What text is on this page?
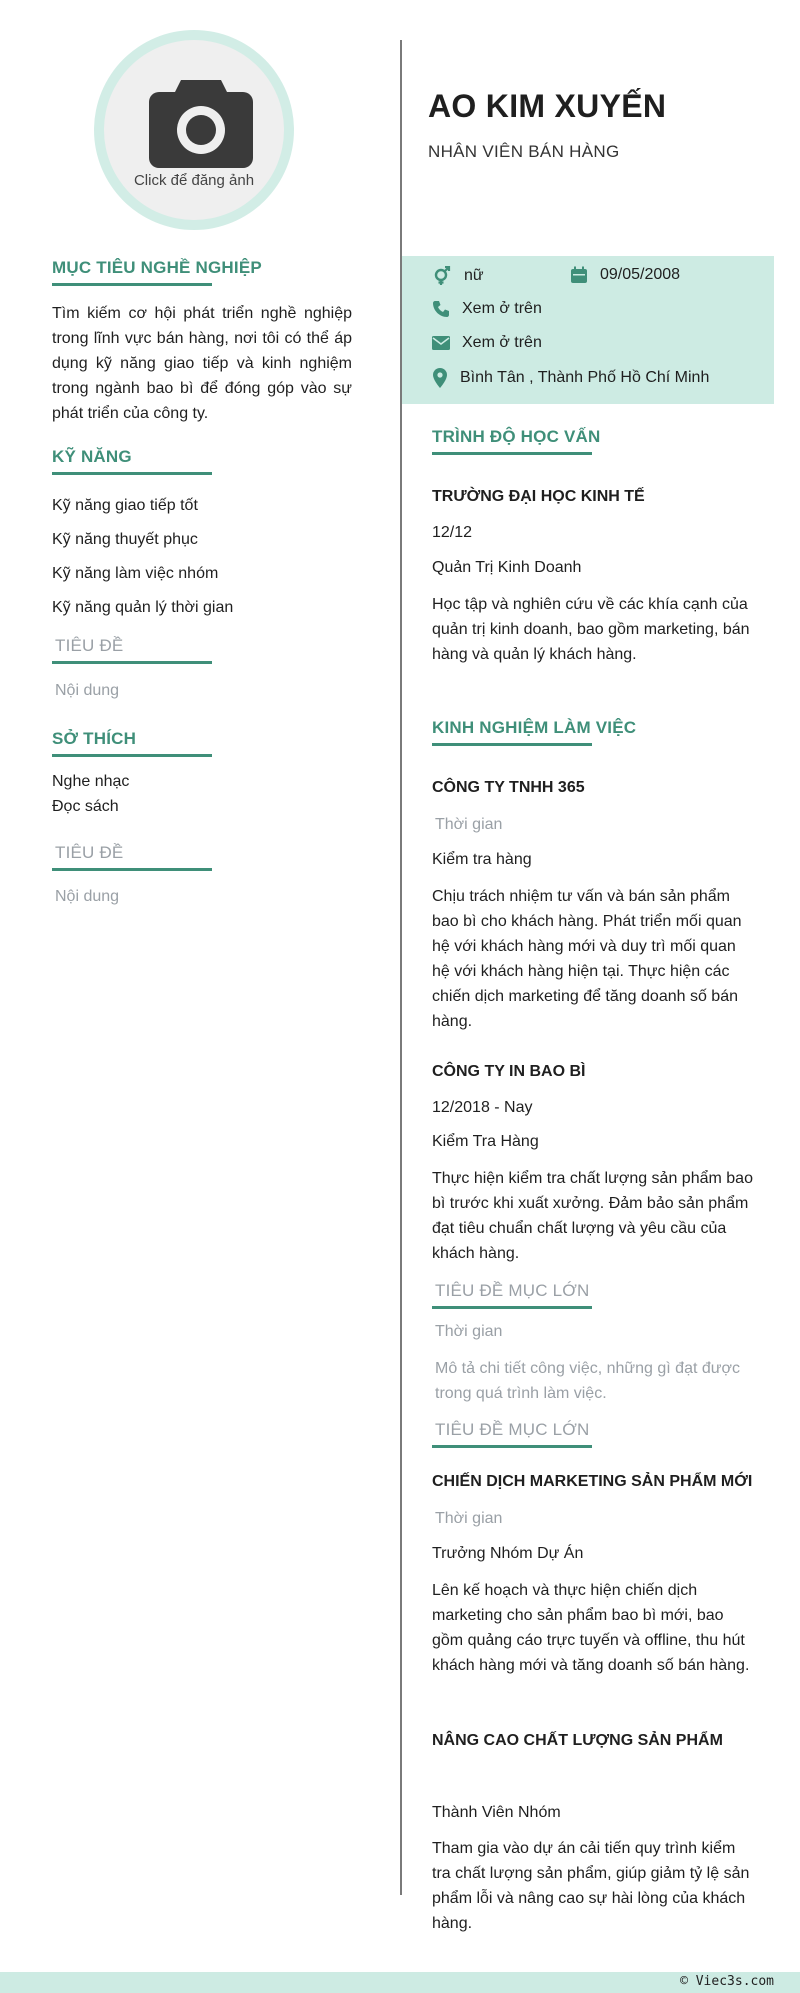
Click để đăng ảnh
MỤC TIÊU NGHỀ NGHIỆP
Tìm kiếm cơ hội phát triển nghề nghiệp trong lĩnh vực bán hàng, nơi tôi có thể áp dụng kỹ năng giao tiếp và kinh nghiệm trong ngành bao bì để đóng góp vào sự phát triển của công ty.
KỸ NĂNG
Kỹ năng giao tiếp tốt
Kỹ năng thuyết phục
Kỹ năng làm việc nhóm
Kỹ năng quản lý thời gian
TIÊU ĐỀ
Nội dung
SỞ THÍCH
Nghe nhạc
Đọc sách
TIÊU ĐỀ
Nội dung
AO KIM XUYẾN
NHÂN VIÊN BÁN HÀNG
nữ	09/05/2008
Xem ở trên
Xem ở trên
Bình Tân , Thành Phố Hồ Chí Minh
TRÌNH ĐỘ HỌC VẤN
TRƯỜNG ĐẠI HỌC KINH TẾ
12/12
Quản Trị Kinh Doanh
Học tập và nghiên cứu về các khía cạnh của quản trị kinh doanh, bao gồm marketing, bán hàng và quản lý khách hàng.
KINH NGHIỆM LÀM VIỆC
CÔNG TY TNHH 365
Thời gian
Kiểm tra hàng
Chịu trách nhiệm tư vấn và bán sản phẩm bao bì cho khách hàng. Phát triển mối quan hệ với khách hàng mới và duy trì mối quan hệ với khách hàng hiện tại. Thực hiện các chiến dịch marketing để tăng doanh số bán hàng.
CÔNG TY IN BAO BÌ
12/2018 - Nay
Kiểm Tra Hàng
Thực hiện kiểm tra chất lượng sản phẩm bao bì trước khi xuất xưởng. Đảm bảo sản phẩm đạt tiêu chuẩn chất lượng và yêu cầu của khách hàng.
TIÊU ĐỀ MỤC LỚN
Thời gian
Mô tả chi tiết công việc, những gì đạt được trong quá trình làm việc.
TIÊU ĐỀ MỤC LỚN
CHIẾN DỊCH MARKETING SẢN PHẨM MỚI
Thời gian
Trưởng Nhóm Dự Án
Lên kế hoạch và thực hiện chiến dịch marketing cho sản phẩm bao bì mới, bao gồm quảng cáo trực tuyến và offline, thu hút khách hàng mới và tăng doanh số bán hàng.
NÂNG CAO CHẤT LƯỢNG SẢN PHẨM
Thành Viên Nhóm
Tham gia vào dự án cải tiến quy trình kiểm tra chất lượng sản phẩm, giúp giảm tỷ lệ sản phẩm lỗi và nâng cao sự hài lòng của khách hàng.
© Viec3s.com
